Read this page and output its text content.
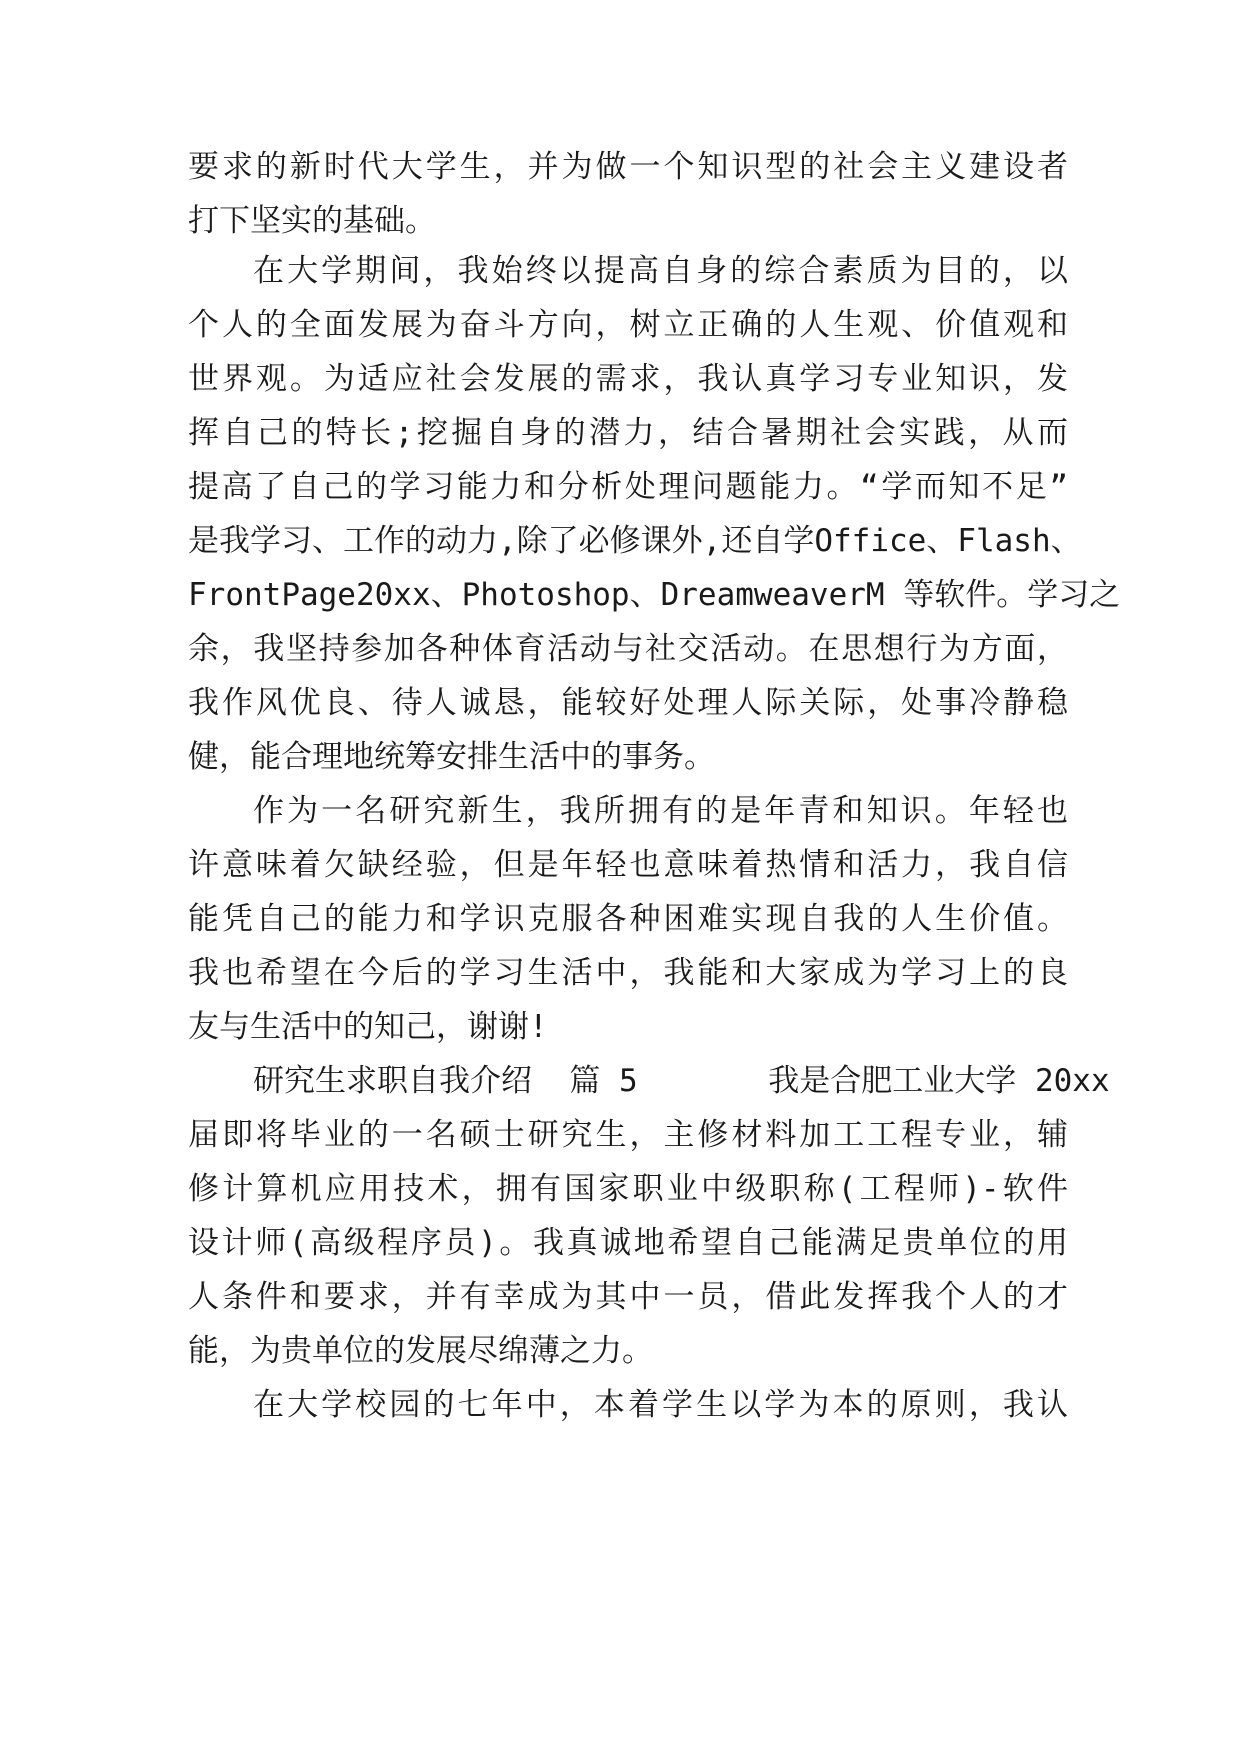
要求的新时代大学生，并为做一个知识型的社会主义建设者
打下坚实的基础。
在大学期间，我始终以提高自身的综合素质为目的，以
个人的全面发展为奋斗方向，树立正确的人生观、价值观和
世界观。为适应社会发展的需求，我认真学习专业知识，发
挥自己的特长;挖掘自身的潜力，结合暑期社会实践，从而
提高了自己的学习能力和分析处理问题能力。“学而知不足”
是我学习、工作的动力,除了必修课外,还自学Office、Flash、
FrontPage20xx、Photoshop、DreamweaverM 等软件。学习之
余，我坚持参加各种体育活动与社交活动。在思想行为方面，
我作风优良、待人诚恳，能较好处理人际关际，处事冷静稳
健，能合理地统筹安排生活中的事务。
作为一名研究新生，我所拥有的是年青和知识。年轻也
许意味着欠缺经验，但是年轻也意味着热情和活力，我自信
能凭自己的能力和学识克服各种困难实现自我的人生价值。
我也希望在今后的学习生活中，我能和大家成为学习上的良
友与生活中的知己，谢谢!
研究生求职自我介绍  篇 5       我是合肥工业大学 20xx
届即将毕业的一名硕士研究生，主修材料加工工程专业，辅
修计算机应用技术，拥有国家职业中级职称(工程师)-软件
设计师(高级程序员)。我真诚地希望自己能满足贵单位的用
人条件和要求，并有幸成为其中一员，借此发挥我个人的才
能，为贵单位的发展尽绵薄之力。
在大学校园的七年中，本着学生以学为本的原则，我认
